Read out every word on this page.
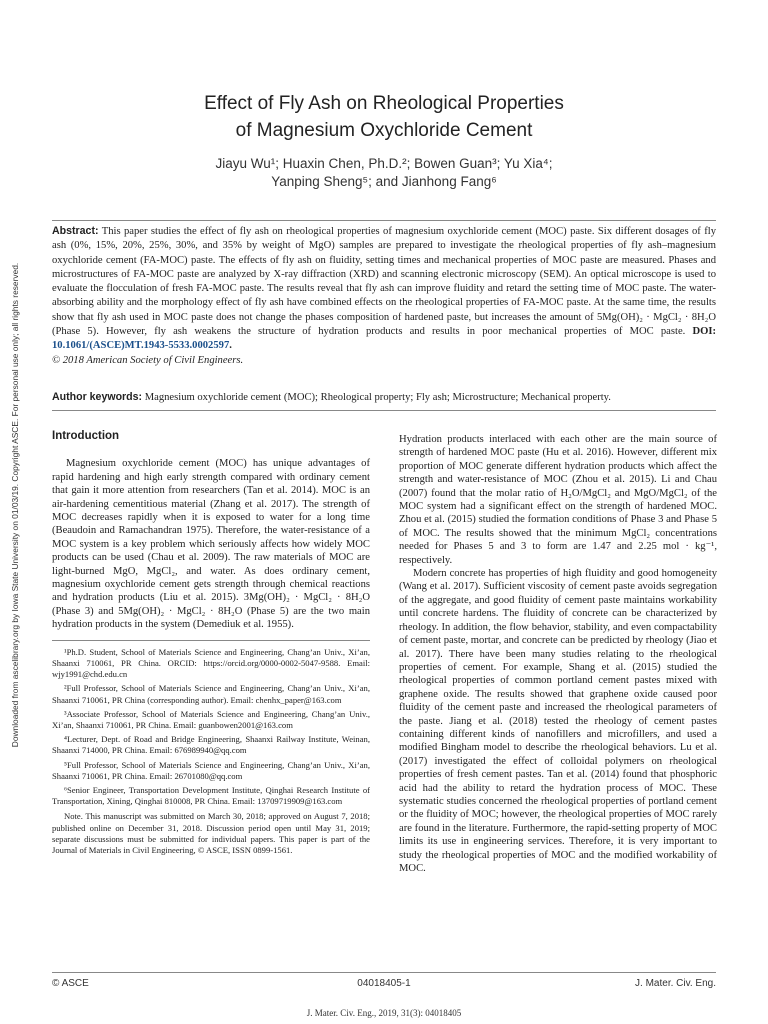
Downloaded from ascelibrary.org by Iowa State University on 01/03/19. Copyright ASCE. For personal use only; all rights reserved.
Effect of Fly Ash on Rheological Properties
of Magnesium Oxychloride Cement
Jiayu Wu¹; Huaxin Chen, Ph.D.²; Bowen Guan³; Yu Xia⁴;
Yanping Sheng⁵; and Jianhong Fang⁶
Abstract: This paper studies the effect of fly ash on rheological properties of magnesium oxychloride cement (MOC) paste. Six different dosages of fly ash (0%, 15%, 20%, 25%, 30%, and 35% by weight of MgO) samples are prepared to investigate the rheological properties of fly ash–magnesium oxychloride cement (FA-MOC) paste. The effects of fly ash on fluidity, setting times and mechanical properties of MOC paste are measured. Phases and microstructures of FA-MOC paste are analyzed by X-ray diffraction (XRD) and scanning electronic microscopy (SEM). An optical microscope is used to evaluate the flocculation of fresh FA-MOC paste. The results reveal that fly ash can improve fluidity and retard the setting time of MOC paste. The water-absorbing ability and the morphology effect of fly ash have combined effects on the rheological properties of FA-MOC paste. At the same time, the results show that fly ash used in MOC paste does not change the phases composition of hardened paste, but increases the amount of 5Mg(OH)₂ · MgCl₂ · 8H₂O (Phase 5). However, fly ash weakens the structure of hydration products and results in poor mechanical properties of MOC paste. DOI: 10.1061/(ASCE)MT.1943-5533.0002597.
© 2018 American Society of Civil Engineers.
Author keywords: Magnesium oxychloride cement (MOC); Rheological property; Fly ash; Microstructure; Mechanical property.
Introduction

Magnesium oxychloride cement (MOC) has unique advantages of rapid hardening and high early strength compared with ordinary cement that gain it more attention from researchers (Tan et al. 2014). MOC is an air-hardening cementitious material (Zhang et al. 2017). The strength of MOC decreases rapidly when it is exposed to water for a long time (Beaudoin and Ramachandran 1975). Therefore, the water-resistance of a MOC system is a key problem which seriously affects how widely MOC products can be used (Chau et al. 2009). The raw materials of MOC are light-burned MgO, MgCl₂, and water. As does ordinary cement, magnesium oxychloride cement gets strength through chemical reactions and hydration products (Liu et al. 2015). 3Mg(OH)₂ · MgCl₂ · 8H₂O (Phase 3) and 5Mg(OH)₂ · MgCl₂ · 8H₂O (Phase 5) are the two main hydration products in the system (Demediuk et al. 1955).

¹Ph.D. Student, School of Materials Science and Engineering, Chang’an Univ., Xi’an, Shaanxi 710061, PR China. ORCID: https://orcid.org/0000-0002-5047-9588. Email: wjy1991@chd.edu.cn

²Full Professor, School of Materials Science and Engineering, Chang’an Univ., Xi’an, Shaanxi 710061, PR China (corresponding author). Email: chenhx_paper@163.com

³Associate Professor, School of Materials Science and Engineering, Chang’an Univ., Xi’an, Shaanxi 710061, PR China. Email: guanbowen2001@163.com

⁴Lecturer, Dept. of Road and Bridge Engineering, Shaanxi Railway Institute, Weinan, Shaanxi 714000, PR China. Email: 676989940@qq.com

⁵Full Professor, School of Materials Science and Engineering, Chang’an Univ., Xi’an, Shaanxi 710061, PR China. Email: 26701080@qq.com

⁶Senior Engineer, Transportation Development Institute, Qinghai Research Institute of Transportation, Xining, Qinghai 810008, PR China. Email: 13709719909@163.com

Note. This manuscript was submitted on March 30, 2018; approved on August 7, 2018; published online on December 31, 2018. Discussion period open until May 31, 2019; separate discussions must be submitted for individual papers. This paper is part of the Journal of Materials in Civil Engineering, © ASCE, ISSN 0899-1561.

Hydration products interlaced with each other are the main source of strength of hardened MOC paste (Hu et al. 2016). However, different mix proportion of MOC generate different hydration products which affect the strength and water-resistance of MOC (Zhou et al. 2015). Li and Chau (2007) found that the molar ratio of H₂O/MgCl₂ and MgO/MgCl₂ of the MOC system had a significant effect on the strength of hardened MOC. Zhou et al. (2015) studied the formation conditions of Phase 3 and Phase 5 of MOC. The results showed that the minimum MgCl₂ concentrations needed for Phases 5 and 3 to form are 1.47 and 2.25 mol · kg⁻¹, respectively.

Modern concrete has properties of high fluidity and good homogeneity (Wang et al. 2017). Sufficient viscosity of cement paste avoids segregation of the aggregate, and good fluidity of cement paste maintains workability until concrete hardens. The fluidity of concrete can be characterized by rheology. In addition, the flow behavior, stability, and even compactability of cement paste, mortar, and concrete can be predicted by rheology (Jiao et al. 2017). There have been many studies relating to the rheological properties of cement. For example, Shang et al. (2015) studied the rheological properties of common portland cement pastes mixed with graphene oxide. The results showed that graphene oxide caused poor fluidity of the cement paste and increased the rheological parameters of the paste. Jiang et al. (2018) tested the rheology of cement pastes containing different kinds of nanofillers and microfillers, and used a modified Bingham model to describe the rheological behaviors. Lu et al. (2017) investigated the effect of colloidal polymers on rheological properties of fresh cement pastes. Tan et al. (2014) found that phosphoric acid had the ability to retard the hydration process of MOC. These systematic studies concerned the rheological properties of portland cement or the fluidity of MOC; however, the rheological properties of MOC rarely are found in the literature. Furthermore, the rapid-setting property of MOC limits its use in engineering services. Therefore, it is very important to study the rheological properties of MOC and the modified workability of MOC.

© ASCE	04018405-1	J. Mater. Civ. Eng.
J. Mater. Civ. Eng., 2019, 31(3): 04018405
